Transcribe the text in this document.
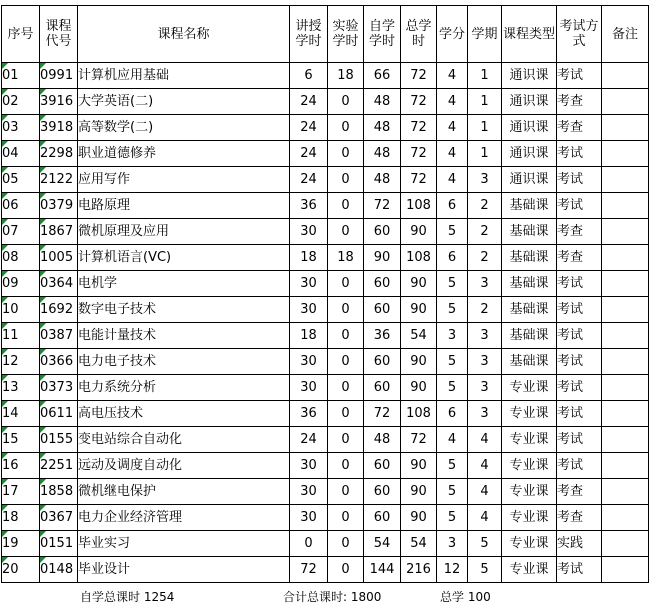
序号	课程代号	课程名称	讲授学时	实验学时	自学学时	总学时	学分	学期	课程类型	考试方式	备注
01	0991	计算机应用基础	6	18	66	72	4	1	通识课	考试	
02	3916	大学英语(二)	24	0	48	72	4	1	通识课	考查	
03	3918	高等数学(二)	24	0	48	72	4	1	通识课	考查	
04	2298	职业道德修养	24	0	48	72	4	1	通识课	考试	
05	2122	应用写作	24	0	48	72	4	3	通识课	考试	
06	0379	电路原理	36	0	72	108	6	2	基础课	考试	
07	1867	微机原理及应用	30	0	60	90	5	2	基础课	考查	
08	1005	计算机语言(VC)	18	18	90	108	6	2	基础课	考查	
09	0364	电机学	30	0	60	90	5	3	基础课	考试	
10	1692	数字电子技术	30	0	60	90	5	2	基础课	考试	
11	0387	电能计量技术	18	0	36	54	3	3	基础课	考试	
12	0366	电力电子技术	30	0	60	90	5	3	基础课	考试	
13	0373	电力系统分析	30	0	60	90	5	3	专业课	考试	
14	0611	高电压技术	36	0	72	108	6	3	专业课	考试	
15	0155	变电站综合自动化	24	0	48	72	4	4	专业课	考试	
16	2251	远动及调度自动化	30	0	60	90	5	4	专业课	考试	
17	1858	微机继电保护	30	0	60	90	5	4	专业课	考查	
18	0367	电力企业经济管理	30	0	60	90	5	4	专业课	考查	
19	0151	毕业实习	0	0	54	54	3	5	专业课	实践	
20	0148	毕业设计	72	0	144	216	12	5	专业课	考试	
自学总课时 1254	合计总课时: 1800	总学 100
